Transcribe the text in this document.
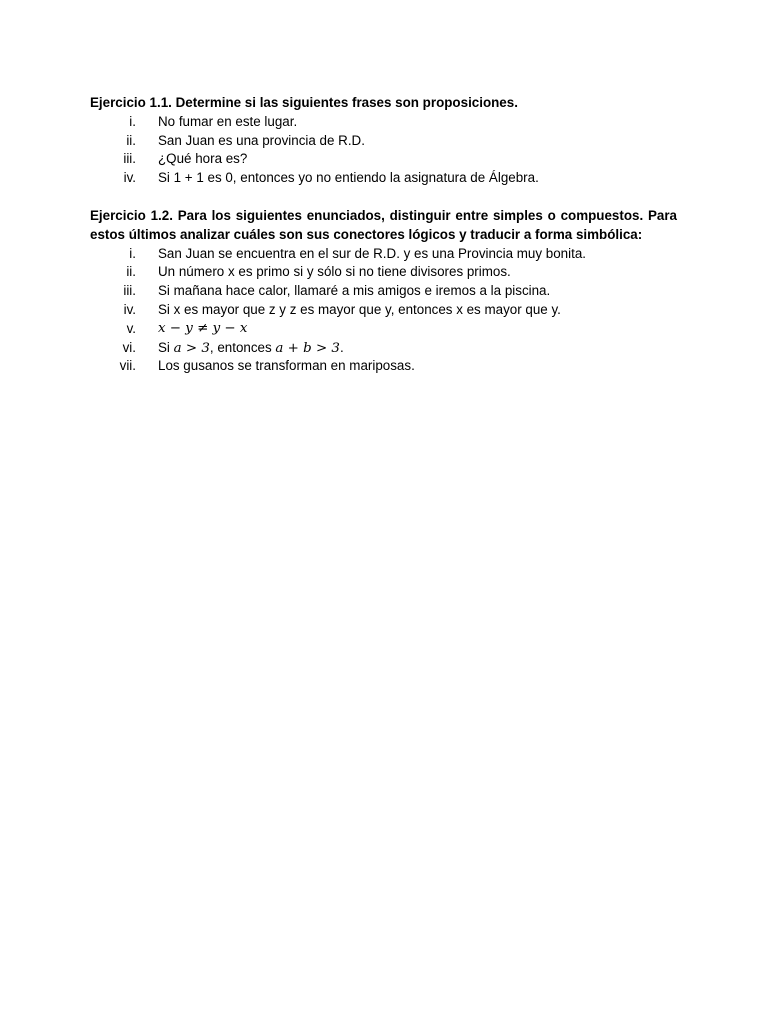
Ejercicio 1.1. Determine si las siguientes frases son proposiciones.

i. No fumar en este lugar.
ii. San Juan es una provincia de R.D.
iii. ¿Qué hora es?
iv. Si 1 + 1 es 0, entonces yo no entiendo la asignatura de Álgebra.

Ejercicio 1.2. Para los siguientes enunciados, distinguir entre simples o compuestos. Para estos últimos analizar cuáles son sus conectores lógicos y traducir a forma simbólica:

i. San Juan se encuentra en el sur de R.D. y es una Provincia muy bonita.
ii. Un número x es primo si y sólo si no tiene divisores primos.
iii. Si mañana hace calor, llamaré a mis amigos e iremos a la piscina.
iv. Si x es mayor que z y z es mayor que y, entonces x es mayor que y.
v. x − y ≠ y − x
vi. Si a > 3, entonces a + b > 3.
vii. Los gusanos se transforman en mariposas.
